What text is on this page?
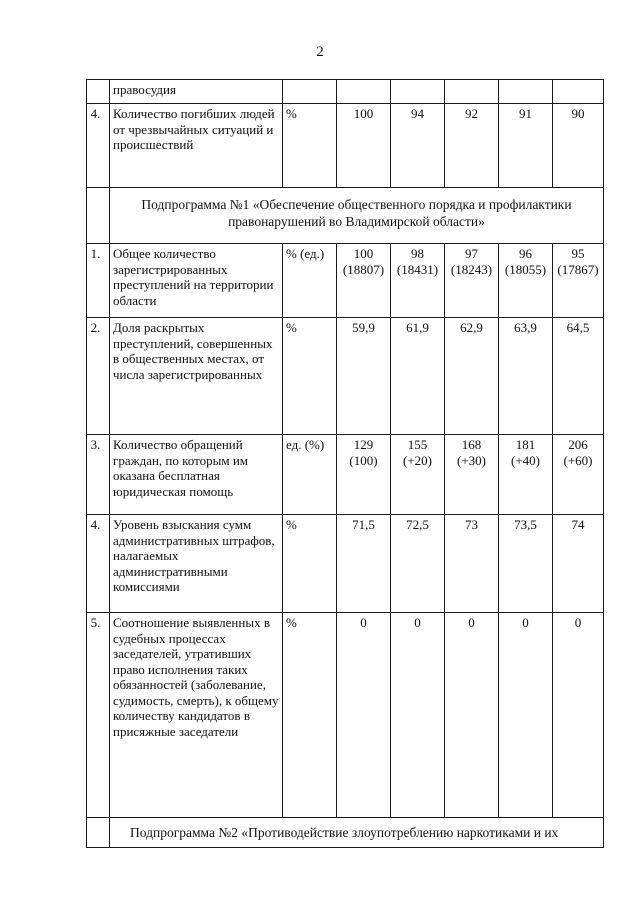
2
	правосудия						
4.	Количество погибших людей от чрезвычайных ситуаций и происшествий	%	100	94	92	91	90
	Подпрограмма №1 «Обеспечение общественного порядка и профилактики правонарушений во Владимирской области»						
1.	Общее количество зарегистрированных преступлений на территории области	% (ед.)	100 (18807)	98 (18431)	97 (18243)	96 (18055)	95 (17867)
2.	Доля раскрытых преступлений, совершенных в общественных местах, от числа зарегистрированных	%	59,9	61,9	62,9	63,9	64,5
3.	Количество обращений граждан, по которым им оказана бесплатная юридическая помощь	ед. (%)	129 (100)	155 (+20)	168 (+30)	181 (+40)	206 (+60)
4.	Уровень взыскания сумм административных штрафов, налагаемых административными комиссиями	%	71,5	72,5	73	73,5	74
5.	Соотношение выявленных в судебных процессах заседателей, утративших право исполнения таких обязанностей (заболевание, судимость, смерть), к общему количеству кандидатов в присяжные заседатели	%	0	0	0	0	0
	Подпрограмма №2 «Противодействие злоупотреблению наркотиками и их						
